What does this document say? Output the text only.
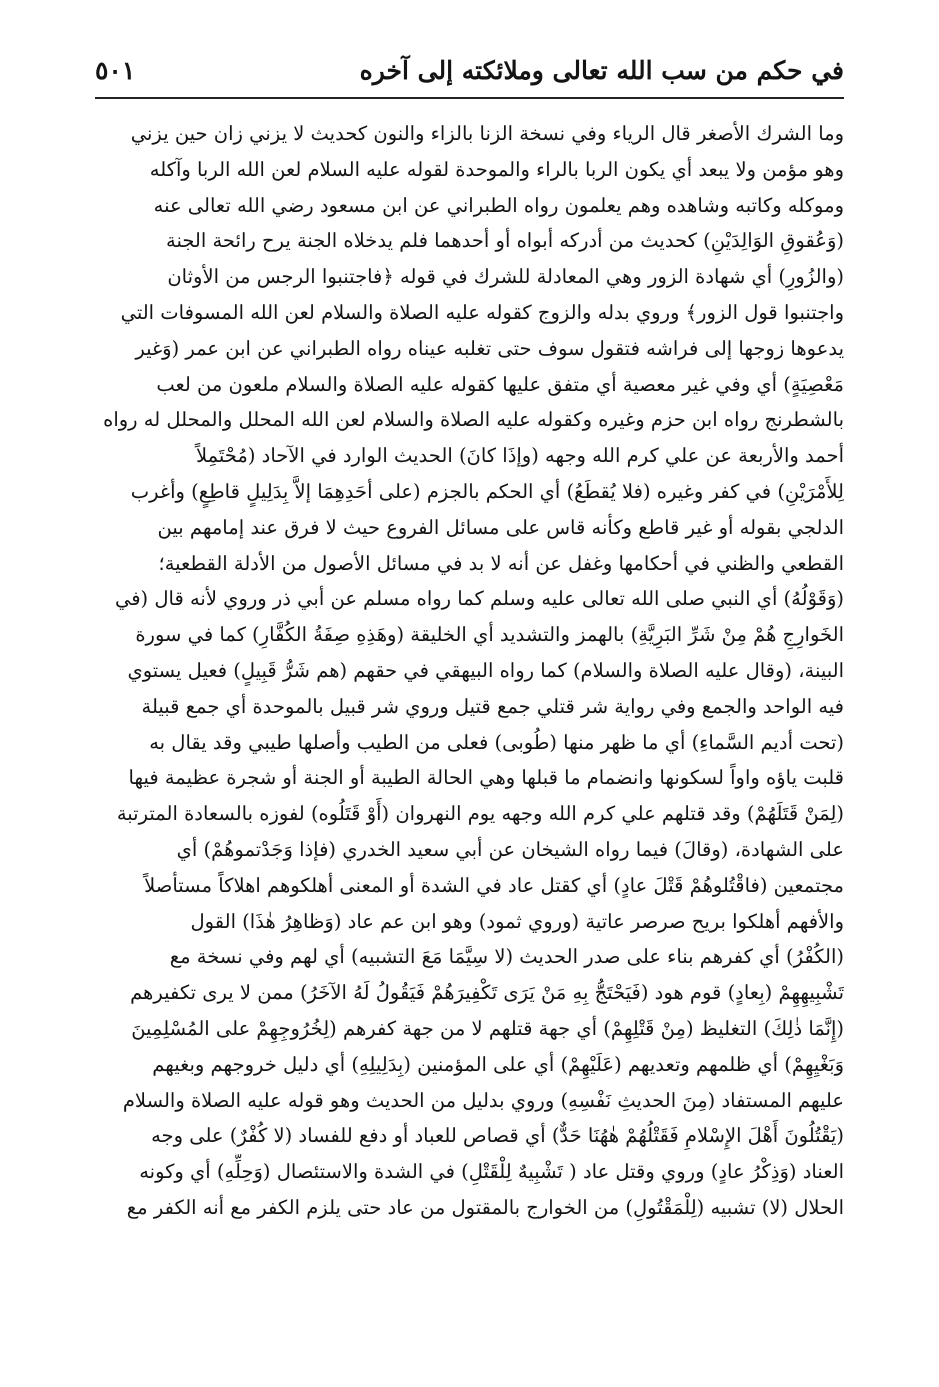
في حكم من سب الله تعالى وملائكته إلى آخره
٥٠١
وما الشرك الأصغر قال الرياء وفي نسخة الزنا بالزاء والنون كحديث لا يزني زان حين يزني
وهو مؤمن ولا يبعد أي يكون الربا بالراء والموحدة لقوله عليه السلام لعن الله الربا وآكله
وموكله وكاتبه وشاهده وهم يعلمون رواه الطبراني عن ابن مسعود رضي الله تعالى عنه
(وَعُقوقِ الوَالِدَيْنِ) كحديث من أدركه أبواه أو أحدهما فلم يدخلاه الجنة يرح رائحة الجنة
(والزُورِ) أي شهادة الزور وهي المعادلة للشرك في قوله ﴿فاجتنبوا الرجس من الأوثان
واجتنبوا قول الزور﴾ وروي بدله والزوج كقوله عليه الصلاة والسلام لعن الله المسوفات التي
يدعوها زوجها إلى فراشه فتقول سوف حتى تغلبه عيناه رواه الطبراني عن ابن عمر (وَغير
مَعْصِيَةٍ) أي وفي غير معصية أي متفق عليها كقوله عليه الصلاة والسلام ملعون من لعب
بالشطرنج رواه ابن حزم وغيره وكقوله عليه الصلاة والسلام لعن الله المحلل والمحلل له رواه
أحمد والأربعة عن علي كرم الله وجهه (وإذَا كانَ) الحديث الوارد في الآحاد (مُحْتَمِلاً
لِلأَمْرَيْنِ) في كفر وغيره (فلا يُقطَعُ) أي الحكم بالجزم (على أحَدِهِمَا إلاَّ بِدَلِيلٍ قاطِعٍ) وأغرب
الدلجي بقوله أو غير قاطع وكأنه قاس على مسائل الفروع حيث لا فرق عند إمامهم بين
القطعي والظني في أحكامها وغفل عن أنه لا بد في مسائل الأصول من الأدلة القطعية؛
(وَقَوْلُهُ) أي النبي صلى الله تعالى عليه وسلم كما رواه مسلم عن أبي ذر وروي لأنه قال (في
الخَوارِجِ هُمْ مِنْ شَرِّ البَرِيَّةِ) بالهمز والتشديد أي الخليقة (وهَذِهِ صِفَةُ الكُفَّارِ) كما في سورة
البينة، (وقال عليه الصلاة والسلام) كما رواه البيهقي في حقهم (هم شَرُّ قَبِيلٍ) فعيل يستوي
فيه الواحد والجمع وفي رواية شر قتلي جمع قتيل وروي شر قبيل بالموحدة أي جمع قبيلة
(تحت أديم السَّماءِ) أي ما ظهر منها (طُوبى) فعلى من الطيب وأصلها طيبي وقد يقال به
قلبت ياؤه واواً لسكونها وانضمام ما قبلها وهي الحالة الطيبة أو الجنة أو شجرة عظيمة فيها
(لِمَنْ قَتَلَهُمْ) وقد قتلهم علي كرم الله وجهه يوم النهروان (أَوْ قَتَلُوه) لفوزه بالسعادة المترتبة
على الشهادة، (وقالَ) فيما رواه الشيخان عن أبي سعيد الخدري (فإذا وَجَدْتموهُمْ) أي
مجتمعين (فاقْتُلوهُمْ قَتْلَ عادٍ) أي كقتل عاد في الشدة أو المعنى أهلكوهم اهلاكاً مستأصلاً
والأفهم أهلكوا بريح صرصر عاتية (وروي ثمود) وهو ابن عم عاد (وَظاهِرُ هٰذَا) القول
(الكُفْرُ) أي كفرهم بناء على صدر الحديث (لا سِيَّمَا مَعَ التشبيه) أي لهم وفي نسخة مع
تَشْبِيهِهِمْ (بِعادٍ) قوم هود (فَيَحْتَجُّ بِهِ مَنْ يَرَى تَكْفِيرَهُمْ فَيَقُولُ لَهُ الآخَرُ) ممن لا يرى تكفيرهم
(إِنَّمَا ذٰلِكَ) التغليظ (مِنْ قَتْلِهِمْ) أي جهة قتلهم لا من جهة كفرهم (لِخُرُوجِهِمْ على المُسْلِمِينَ
وَبَغْيِهِمْ) أي ظلمهم وتعديهم (عَلَيْهِمْ) أي على المؤمنين (بِدَلِيلِهِ) أي دليل خروجهم وبغيهم
عليهم المستفاد (مِنَ الحديثِ نَفْسِهِ) وروي بدليل من الحديث وهو قوله عليه الصلاة والسلام
(يَقْتُلُونَ أَهْلَ الإِسْلامِ فَقَتْلُهُمْ هٰهُنَا حَدٌّ) أي قصاص للعباد أو دفع للفساد (لا كُفْرٌ) على وجه
العناد (وَذِكْرُ عادٍ) وروي وقتل عاد ( تَشْبِيهٌ لِلْقَتْلِ) في الشدة والاستئصال (وَحِلِّهِ) أي وكونه
الحلال (لا) تشبيه (لِلْمَقْتُولِ) من الخوارج بالمقتول من عاد حتى يلزم الكفر مع أنه الكفر مع
